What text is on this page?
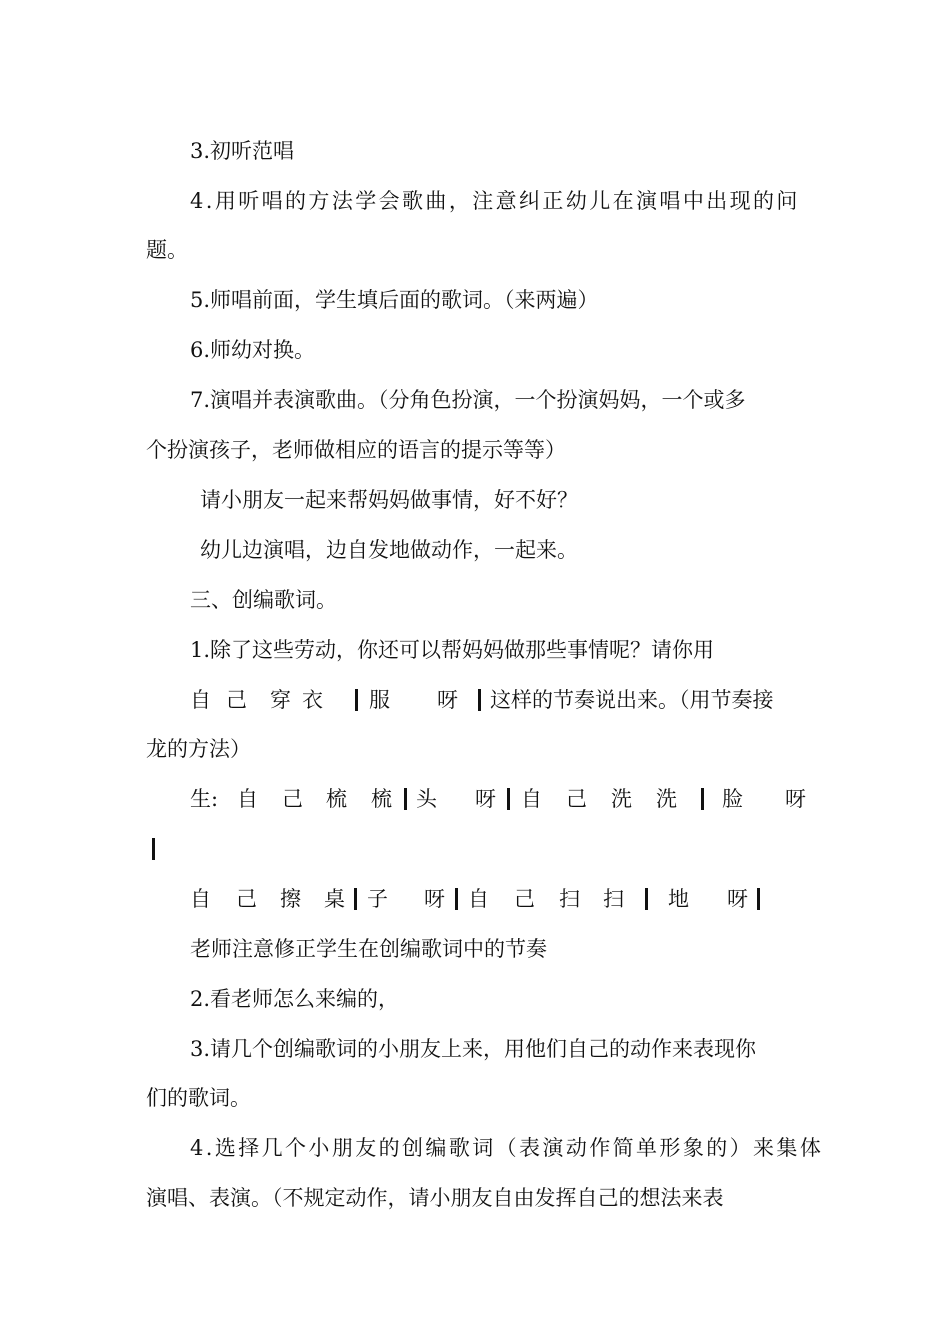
3.初听范唱
4.用听唱的方法学会歌曲，注意纠正幼儿在演唱中出现的问
题。
5.师唱前面，学生填后面的歌词。（来两遍）
6.师幼对换。
7.演唱并表演歌曲。（分角色扮演，一个扮演妈妈，一个或多
个扮演孩子，老师做相应的语言的提示等等）
请小朋友一起来帮妈妈做事情，好不好？
幼儿边演唱，边自发地做动作，一起来。
三、创编歌词。
1.除了这些劳动，你还可以帮妈妈做那些事情呢？请你用
自 己 穿 衣 服 呀 这样的节奏说出来。（用节奏接
龙的方法）
生: 自 己 梳 梳 头 呀 自 己 洗 洗 脸 呀
自 己 擦 桌 子 呀 自 己 扫 扫 地 呀
老师注意修正学生在创编歌词中的节奏
2.看老师怎么来编的，
3.请几个创编歌词的小朋友上来，用他们自己的动作来表现你
们的歌词。
4.选择几个小朋友的创编歌词（表演动作简单形象的）来集体
演唱、表演。（不规定动作，请小朋友自由发挥自己的想法来表
